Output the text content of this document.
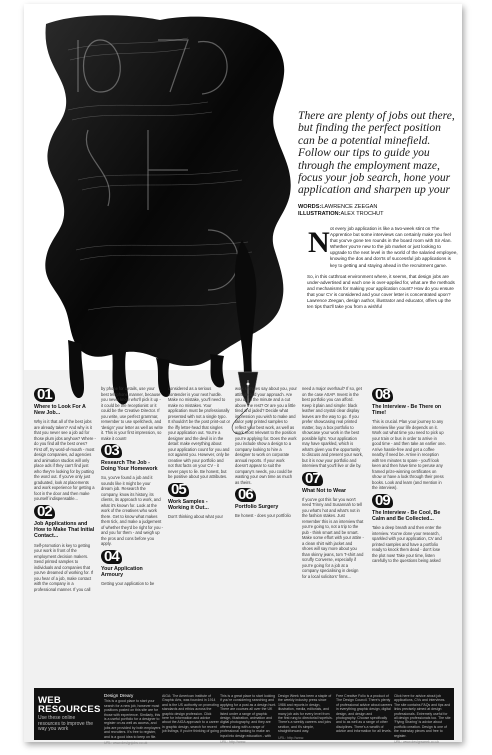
There are plenty of jobs out there, but finding the perfect position can be a potential minefield. Follow our tips to guide you through the employment maze, focus your job search, hone your application and sharpen up your
WORDS:LAWRENCE ZEEGAN
ILLUSTRATION:ALEX TROCHUT
N ot every job application is like a two-week stint on The Apprentice but some interviews can certainly make you feel that you've gone ten rounds in the board room with Sir Alan. Whether you're new to the job market or just looking to upgrade to the next level in the world of the salaried employee, knowing the dos and don'ts of successful job applications is key to getting and staying ahead in the recruitment game.
So, in this cutthroat environment where, it seems, that design jobs are under-advertised and each one is over-applied for, what are the methods and mechanisms for making your application count? How do you ensure that your CV is considered and your cover letter is concentrated upon? Lawrence Zeegan, design author, illustrator and educator, offers up the ten tips that'll take you from a wishful
01
Where to Look For A New Job...

Why is it that all of the best jobs are already taken? And why is it that you never see a job ad for those plum jobs anyhow? Where - do you find all the best ones? First off, try word-of-mouth - most design companies, ad agencies and animation studios will only place ads if they can't find just who they're looking for by putting the word out. If you've only just graduated, look at placements and work experience for getting a foot in the door and then make yourself indispensable...

02
Job Applications and How to Make That Initial Contact...

Self-promotion is key to getting your work in front of the employment decision makers. Send printed samples to individuals and companies that you've dreamed of working for. If you hear of a job, make contact with the company in a professional manner. If you call

by phone for details, use your best telephone manner, because you never know who'll pick it up - it could be the receptionist or it could be the Creative Director. If you write, use perfect grammar, remember to use spellcheck, and 'design' your letter as well as write it. This is your first impression, so make it count!

03
Research The Job - Doing Your Homework

So, you've found a job and it sounds like it might be your dream job. Research the company, know its history, its clients, its approach to work, and what it's known for. Look at the work of the creatives who work there. Get to know what makes them tick, and make a judgement of whether they'd be right for you - and you for them - and weigh up the pros and cons before you apply.

04
Your Application Armoury

Getting your application to be

considered as a serious contender is your next hurdle. Make no mistake, you'll need to make no mistakes. Your application must be professionally presented with not a single typo. It shouldn't be the post print-out or the iffy letter-head that singles your application out. You're a designer and the devil is in the detail: make everything about your application count for you and not against you. However, only be creative with your portfolio and not that facts on your CV - it never pays to lie. Be honest, but be positive about your attributes.

05
Work Samples - Working it Out...

Don't thinking about what your

work samples say about you, your attitude and your approach. Are you up to the minute and a cut above the rest? Or are you a little tired and jaded? Decide what impression you wish to make and tailor your printed samples to reflect your best work, as well as work most relevant to the position you're applying for. Does the work you include show a design to a company looking to hire a designer to work on corporate annual reports. If your work doesn't appear to suit the company's needs, you could be wasting your own time as much as theirs.

06
Portfolio Surgery

Be honest - does your portfolio

need a major overhaul? If so, get on the case ASAP. Invest in the best portfolio you can afford. Keep it plain and simple: black leather and crystal clear display leaves are the way to go. If you prefer showcasing real printed matter, buy a box portfolio to showcase your work in the best possible light. Your application may have sparkled, which is what's given you the opportunity to discuss and present your work, but it is now your portfolio and interview that you'll live or die by.

07
What Not to Wear

If you've got this far you won't need Trinny and Susannah to tell you what's hot and what's not in the fashion stakes. Just remember this is an interview that you're going to, not a trip to the pub - think smart and be smart. Make some effort with your attire - a clean shirt with jacket and shoes will say more about you than skinny jeans, torn T-shirt and scruffy Converse, especially if you're going for a job at a company specialising in design for a local solicitors' firms...

08
The Interview - Be There on Time!

This is crucial. Plan your journey to any interview like your life depends on it. Work out what time you need to pick up your train or bus in order to arrive in good time - and then take an earlier one. Arrive hassle-free and get a coffee nearby if need be. Arrive in reception with ten minutes to spare - you'll look keen and then have time to peruse any framed prize-winning certificates on show or have a look through their press books. Look and learn (and mention in the interview).

09
The Interview - Be Cool, Be Calm and Be Collected...

Take a deep breath and then enter the interview. You've done your research, sparkled with your application, CV and printed samples and have a portfolio ready to knock them dead - don't lose the plot now! Take your time, listen carefully to the questions being asked

WEB
RESOURCES
Use these online resources to improve the way you work
Design Dreary
This is a good place to start your search for a new job, however most positions posted on this site are for those with experience. Similarly, this is a useful portfolio for a designer to register on as well as access, and jobs are provided by both employers and recruiters. It's free to register, and is a good idea to keep on file.
URL: www.designjobs.co.uk
AIGA: The American Institute of Graphic Arts, was founded in 1914 and is the US authority on promoting standards and ethics across the graphic design profession. Click here for information and advice about the AIGA approach to a career in graphic design, search for recent job listings, if you're thinking of going
This is a great place to start looking if you're considering searching and applying for a post as a design hunt. There are courses all over the UK listed under a range of graphic design, illustration, animation and digital photography, and they are offered along with a range of professional ranking to make an input into design education - with
URL: http://www.
Design Week has been a staple of the weekly industry press since 1986 and reports in design, illustration, media, editorials, and many job ads for every level from the first rung to directorial hopefuls. There's a weekly careers and jobs section, and it's simple, straightforward way.
URL: http://www.
Free Creative Folio is a product of The Design Council. There's plenty of professional advice about careers in everything graphic design, digital design, and design and photography. Choose specifically and to as well as a range of other disciplines. There's a wealth of advice and information for all levels.
Click here for advice about job applications, CVs and interviews. The site contains FAQs and tips and links precisely aimed at design professionals. Extremely useful for all design professionals too. The site 'Flying Sharing' is advice about portfolio creation. Design is one of the mainstay pieces and free to register.
URL: www.designweek.co.uk
